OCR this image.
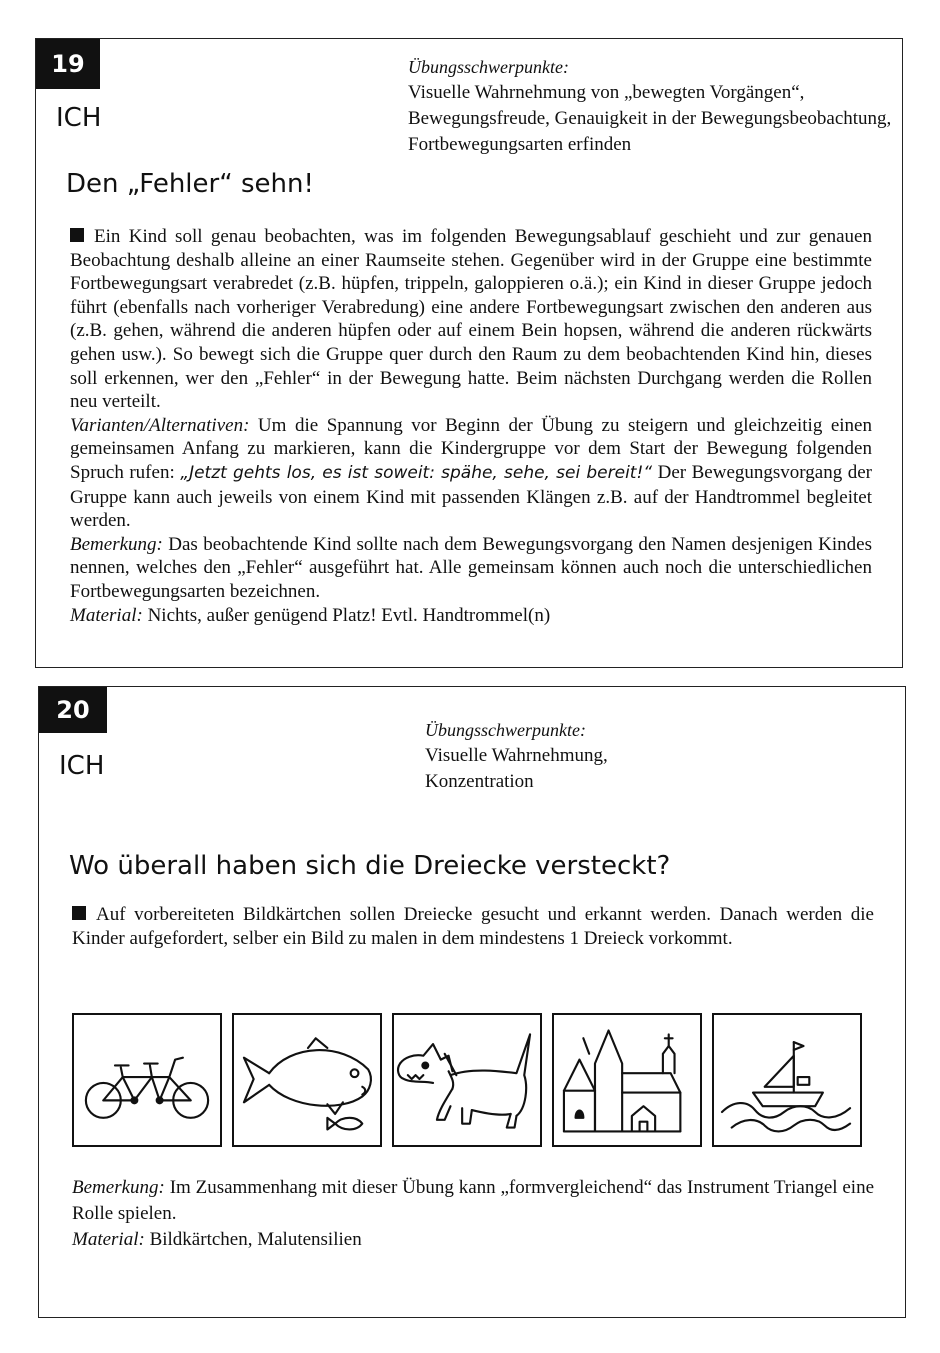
19
ICH
Übungsschwerpunkte:
Visuelle Wahrnehmung von „bewegten Vorgängen“, Bewegungsfreude, Genauigkeit in der Bewegungsbeobachtung, Fortbewegungsarten erfinden
Den „Fehler“ sehn!

Ein Kind soll genau beobachten, was im folgenden Bewegungsablauf geschieht und zur genauen Beobachtung deshalb alleine an einer Raumseite stehen. Gegenüber wird in der Gruppe eine bestimmte Fortbewegungsart verabredet (z.B. hüpfen, trippeln, galoppieren o.ä.); ein Kind in dieser Gruppe jedoch führt (ebenfalls nach vorheriger Verabredung) eine andere Fortbewegungsart zwischen den anderen aus (z.B. gehen, während die anderen hüpfen oder auf einem Bein hopsen, während die anderen rückwärts gehen usw.). So bewegt sich die Gruppe quer durch den Raum zu dem beobachtenden Kind hin, dieses soll erkennen, wer den „Fehler“ in der Bewegung hatte. Beim nächsten Durchgang werden die Rollen neu verteilt.

Varianten/Alternativen: Um die Spannung vor Beginn der Übung zu steigern und gleichzeitig einen gemeinsamen Anfang zu markieren, kann die Kindergruppe vor dem Start der Bewegung folgenden Spruch rufen: „Jetzt gehts los, es ist soweit: spähe, sehe, sei bereit!“ Der Bewegungsvorgang der Gruppe kann auch jeweils von einem Kind mit passenden Klängen z.B. auf der Handtrommel begleitet werden.

Bemerkung: Das beobachtende Kind sollte nach dem Bewegungsvorgang den Namen desjenigen Kindes nennen, welches den „Fehler“ ausgeführt hat. Alle gemeinsam können auch noch die unterschiedlichen Fortbewegungsarten bezeichnen.

Material: Nichts, außer genügend Platz! Evtl. Handtrommel(n)

20
ICH
Übungsschwerpunkte:
Visuelle Wahrnehmung,
Konzentration
Wo überall haben sich die Dreiecke versteckt?

Auf vorbereiteten Bildkärtchen sollen Dreiecke gesucht und erkannt werden. Danach werden die Kinder aufgefordert, selber ein Bild zu malen in dem mindestens 1 Dreieck vorkommt.

Bemerkung: Im Zusammenhang mit dieser Übung kann „formvergleichend“ das Instrument Triangel eine Rolle spielen.

Material: Bildkärtchen, Malutensilien
